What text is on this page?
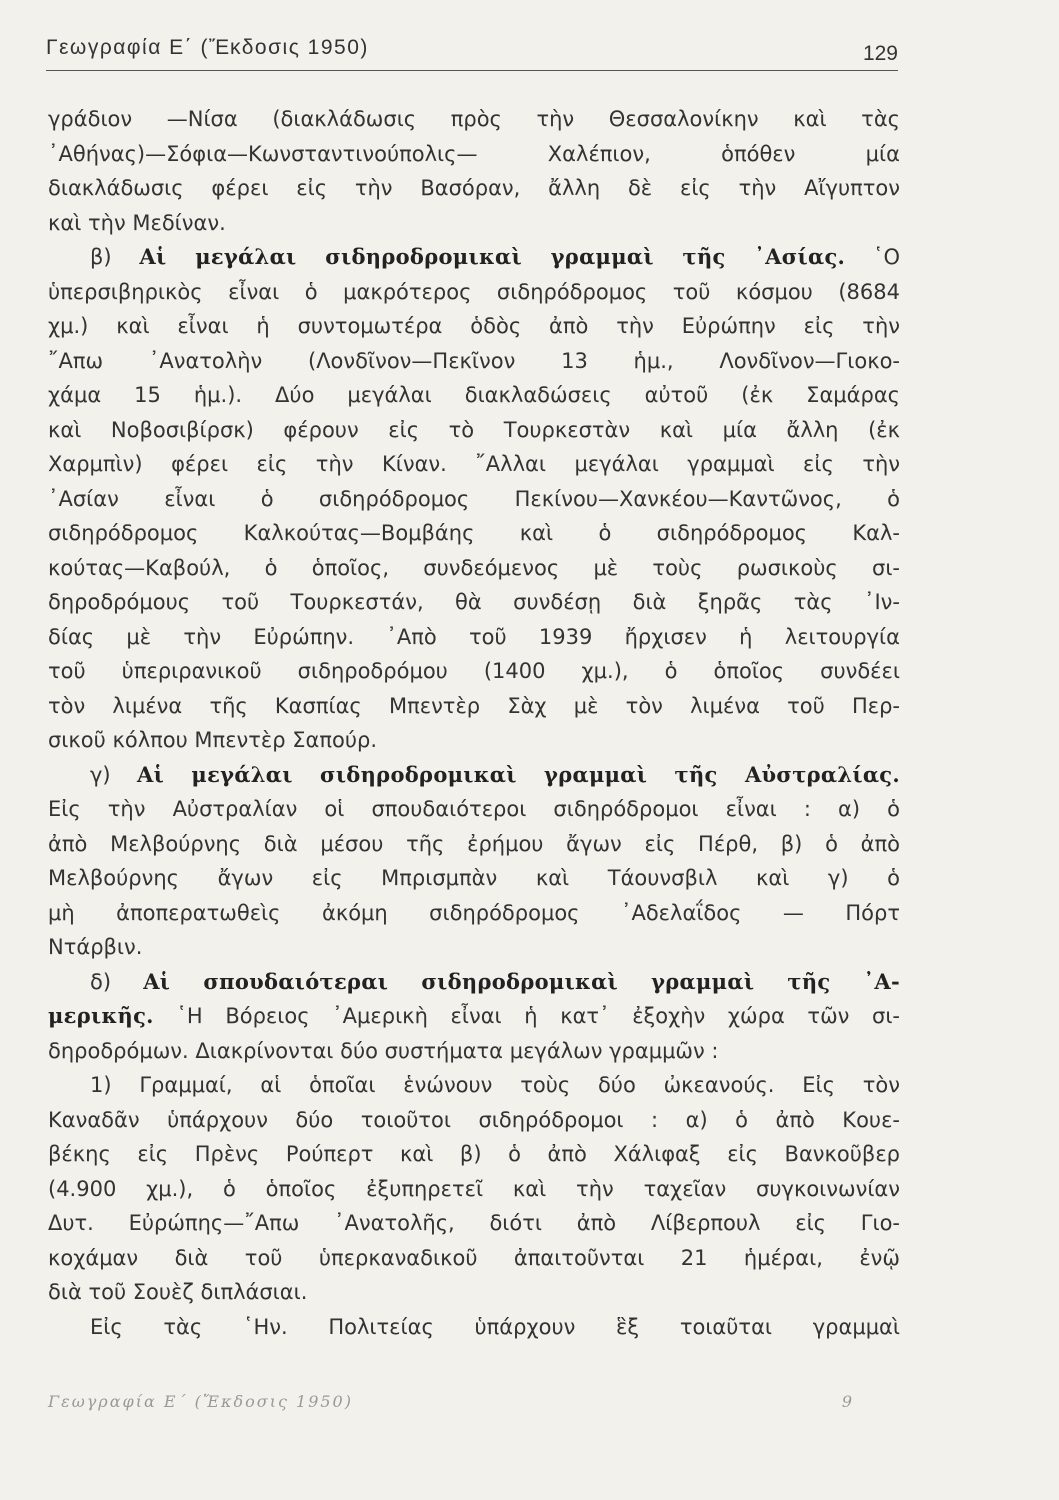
Γεωγραφία Ε΄ (Ἔκδοσις 1950)	129
γράδιον —Νίσα (διακλάδωσις πρὸς τὴν Θεσσαλονίκην καὶ τὰς
᾿Αθήνας)—Σόφια—Κωνσταντινούπολις— Χαλέπιον, ὁπόθεν μία
διακλάδωσις φέρει εἰς τὴν Βασόραν, ἄλλη δὲ εἰς τὴν Αἴγυπτον
καὶ τὴν Μεδίναν.
β) Αἱ μεγάλαι σιδηροδρομικαὶ γραμμαὶ τῆς ᾿Ασίας. ῾Ο
ὑπερσιβηρικὸς εἶναι ὁ μακρότερος σιδηρόδρομος τοῦ κόσμου (8684
χμ.) καὶ εἶναι ἡ συντομωτέρα ὁδὸς ἀπὸ τὴν Εὐρώπην εἰς τὴν
῎Απω ᾿Ανατολὴν (Λονδῖνον—Πεκῖνον 13 ἡμ., Λονδῖνον—Γιοκο-
χάμα 15 ἡμ.). Δύο μεγάλαι διακλαδώσεις αὐτοῦ (ἐκ Σαμάρας
καὶ Νοβοσιβίρσκ) φέρουν εἰς τὸ Τουρκεστὰν καὶ μία ἄλλη (ἐκ
Χαρμπὶν) φέρει εἰς τὴν Κίναν. ῎Αλλαι μεγάλαι γραμμαὶ εἰς τὴν
᾿Ασίαν εἶναι ὁ σιδηρόδρομος Πεκίνου—Χανκέου—Καντῶνος, ὁ
σιδηρόδρομος Καλκούτας—Βομβάης καὶ ὁ σιδηρόδρομος Καλ-
κούτας—Καβούλ, ὁ ὁποῖος, συνδεόμενος μὲ τοὺς ρωσικοὺς σι-
δηροδρόμους τοῦ Τουρκεστάν, θὰ συνδέσῃ διὰ ξηρᾶς τὰς ᾿Ιν-
δίας μὲ τὴν Εὐρώπην. ᾿Απὸ τοῦ 1939 ἤρχισεν ἡ λειτουργία
τοῦ ὑπεριρανικοῦ σιδηροδρόμου (1400 χμ.), ὁ ὁποῖος συνδέει
τὸν λιμένα τῆς Κασπίας Μπεντὲρ Σὰχ μὲ τὸν λιμένα τοῦ Περ-
σικοῦ κόλπου Μπεντὲρ Σαπούρ.
γ) Αἱ μεγάλαι σιδηροδρομικαὶ γραμμαὶ τῆς Αὐστραλίας.
Εἰς τὴν Αὐστραλίαν οἱ σπουδαιότεροι σιδηρόδρομοι εἶναι : α) ὁ
ἀπὸ Μελβούρνης διὰ μέσου τῆς ἐρήμου ἄγων εἰς Πέρθ, β) ὁ ἀπὸ
Μελβούρνης ἄγων εἰς Μπρισμπὰν καὶ Τάουνσβιλ καὶ γ) ὁ
μὴ ἀποπερατωθεὶς ἀκόμη σιδηρόδρομος ᾿Αδελαΐδος — Πόρτ
Ντάρβιν.
δ) Αἱ σπουδαιότεραι σιδηροδρομικαὶ γραμμαὶ τῆς ᾿Α-
μερικῆς. ῾Η Βόρειος ᾿Αμερικὴ εἶναι ἡ κατ᾿ ἐξοχὴν χώρα τῶν σι-
δηροδρόμων. Διακρίνονται δύο συστήματα μεγάλων γραμμῶν :
1) Γραμμαί, αἱ ὁποῖαι ἑνώνουν τοὺς δύο ὠκεανούς. Εἰς τὸν
Καναδᾶν ὑπάρχουν δύο τοιοῦτοι σιδηρόδρομοι : α) ὁ ἀπὸ Κουε-
βέκης εἰς Πρὲνς Ρούπερτ καὶ β) ὁ ἀπὸ Χάλιφαξ εἰς Βανκοῦβερ
(4.900 χμ.), ὁ ὁποῖος ἐξυπηρετεῖ καὶ τὴν ταχεῖαν συγκοινωνίαν
Δυτ. Εὐρώπης—῎Απω ᾿Ανατολῆς, διότι ἀπὸ Λίβερπουλ εἰς Γιο-
κοχάμαν διὰ τοῦ ὑπερκαναδικοῦ ἀπαιτοῦνται 21 ἡμέραι, ἐνῷ
διὰ τοῦ Σουὲζ διπλάσιαι.
Εἰς τὰς ῾Ην. Πολιτείας ὑπάρχουν ἓξ τοιαῦται γραμμαὶ
Γεωγραφία Ε΄ (Ἔκδοσις 1950)	9
